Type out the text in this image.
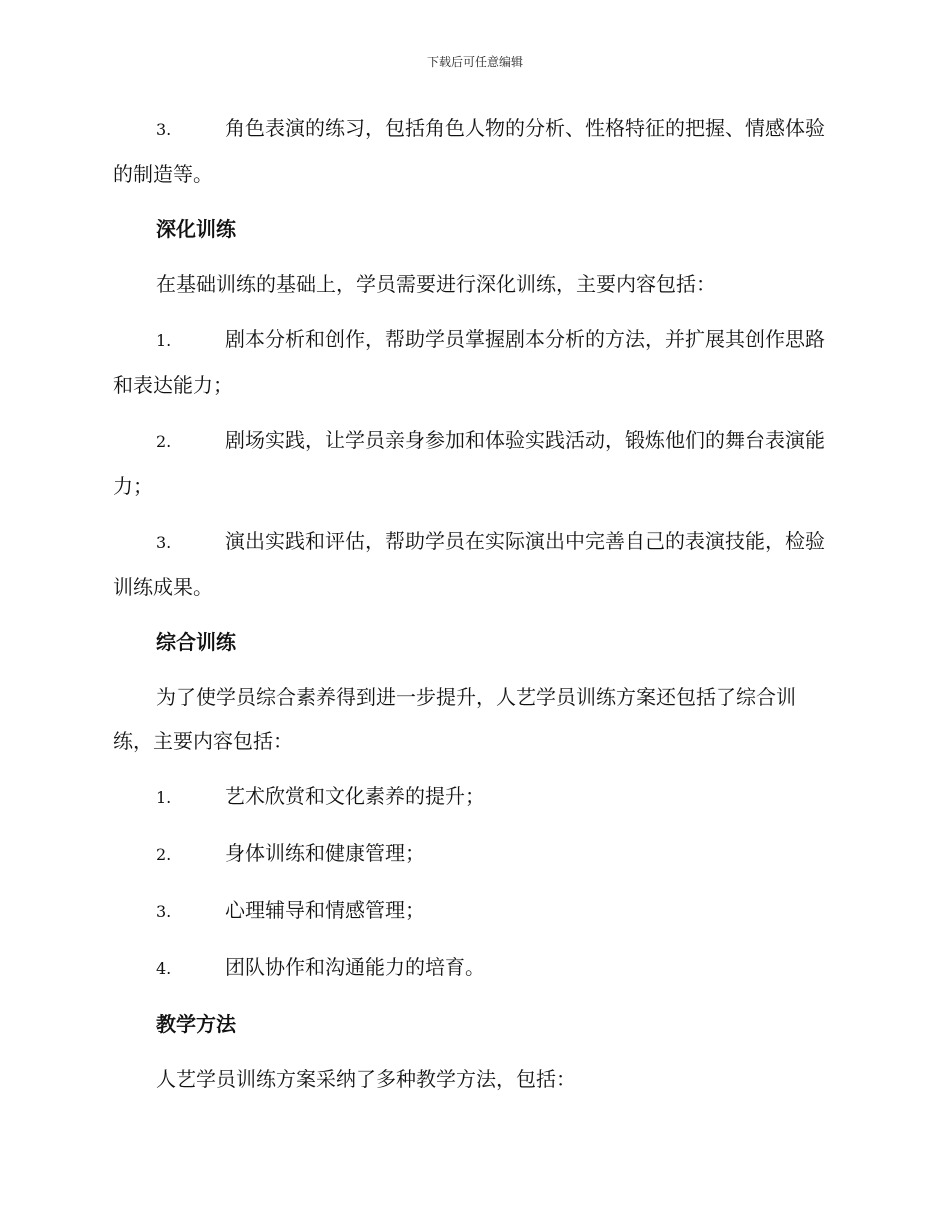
下载后可任意编辑
3.	角色表演的练习，包括角色人物的分析、性格特征的把握、情感体验的制造等。
深化训练

在基础训练的基础上，学员需要进行深化训练，主要内容包括：

1.	剧本分析和创作，帮助学员掌握剧本分析的方法，并扩展其创作思路和表达能力；
2.	剧场实践，让学员亲身参加和体验实践活动，锻炼他们的舞台表演能力；
3.	演出实践和评估，帮助学员在实际演出中完善自己的表演技能，检验训练成果。
综合训练

为了使学员综合素养得到进一步提升，人艺学员训练方案还包括了综合训练，主要内容包括：

1.	艺术欣赏和文化素养的提升；
2.	身体训练和健康管理；
3.	心理辅导和情感管理；
4.	团队协作和沟通能力的培育。
教学方法

人艺学员训练方案采纳了多种教学方法，包括：
